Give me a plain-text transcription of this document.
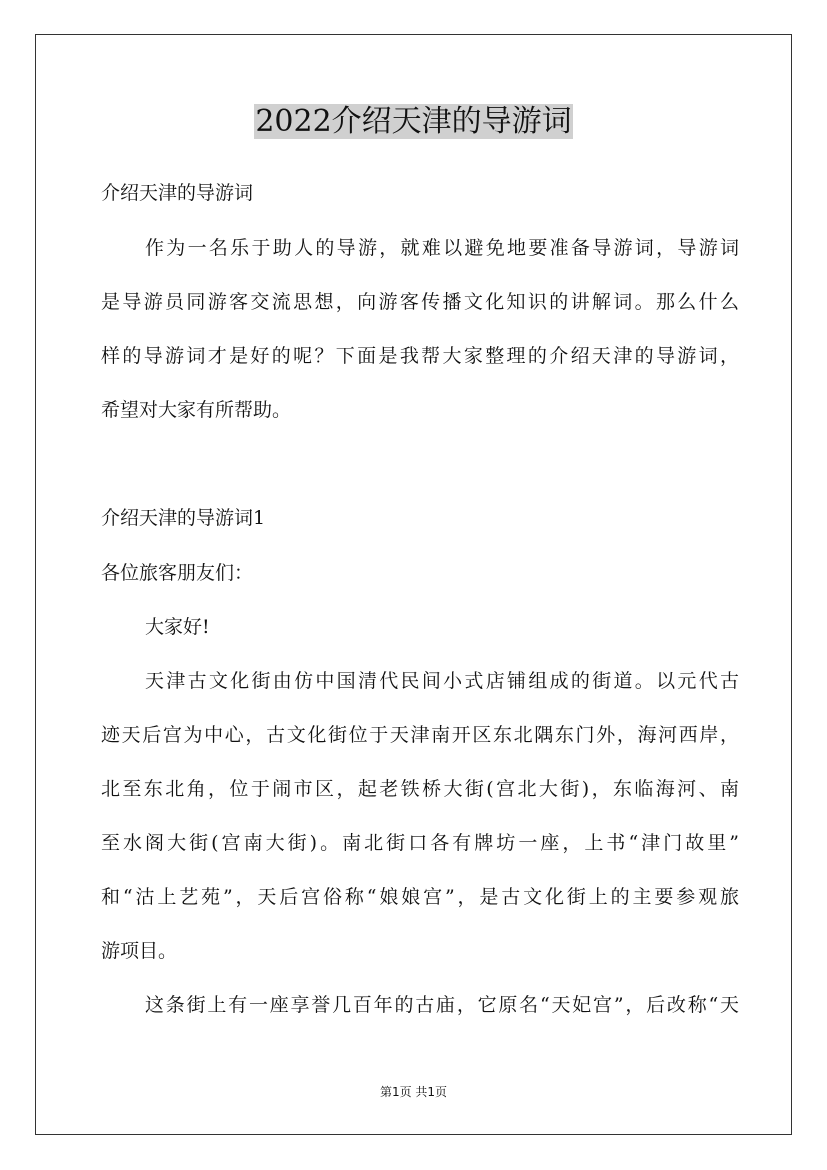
2022介绍天津的导游词
介绍天津的导游词
作为一名乐于助人的导游，就难以避免地要准备导游词，导游词
是导游员同游客交流思想，向游客传播文化知识的讲解词。那么什么
样的导游词才是好的呢？下面是我帮大家整理的介绍天津的导游词，
希望对大家有所帮助。
介绍天津的导游词1
各位旅客朋友们：
大家好!
天津古文化街由仿中国清代民间小式店铺组成的街道。以元代古
迹天后宫为中心，古文化街位于天津南开区东北隅东门外，海河西岸，
北至东北角，位于闹市区，起老铁桥大街(宫北大街)，东临海河、南
至水阁大街(宫南大街)。南北街口各有牌坊一座，上书“津门故里”
和“沽上艺苑”，天后宫俗称“娘娘宫”，是古文化街上的主要参观旅
游项目。
这条街上有一座享誉几百年的古庙，它原名“天妃宫”，后改称“天
第1页 共1页
